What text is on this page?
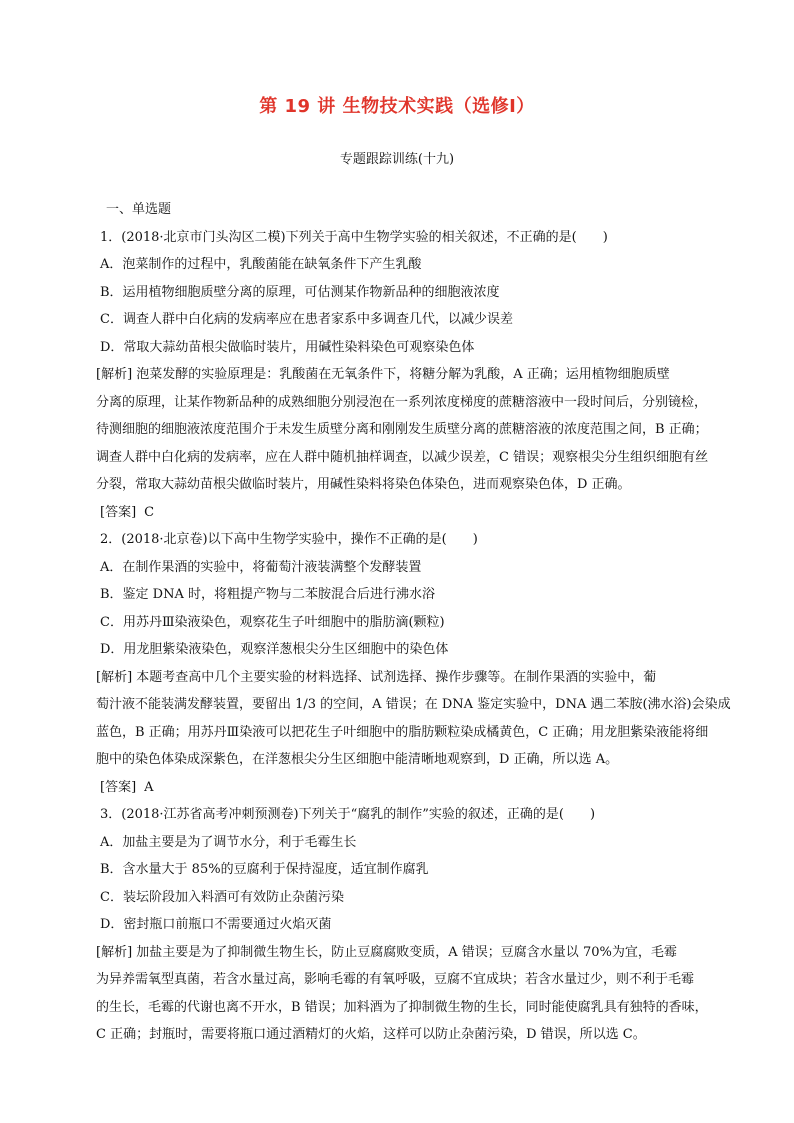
第 19 讲 生物技术实践（选修Ⅰ）
专题跟踪训练(十九)
一、单选题
1．(2018·北京市门头沟区二模)下列关于高中生物学实验的相关叙述，不正确的是(　　)
A．泡菜制作的过程中，乳酸菌能在缺氧条件下产生乳酸
B．运用植物细胞质壁分离的原理，可估测某作物新品种的细胞液浓度
C．调查人群中白化病的发病率应在患者家系中多调查几代，以减少误差
D．常取大蒜幼苗根尖做临时装片，用碱性染料染色可观察染色体
[解析] 泡菜发酵的实验原理是：乳酸菌在无氧条件下，将糖分解为乳酸，A 正确；运用植物细胞质壁
分离的原理，让某作物新品种的成熟细胞分别浸泡在一系列浓度梯度的蔗糖溶液中一段时间后，分别镜检，
待测细胞的细胞液浓度范围介于未发生质壁分离和刚刚发生质壁分离的蔗糖溶液的浓度范围之间，B 正确；
调查人群中白化病的发病率，应在人群中随机抽样调查，以减少误差，C 错误；观察根尖分生组织细胞有丝
分裂，常取大蒜幼苗根尖做临时装片，用碱性染料将染色体染色，进而观察染色体，D 正确。
[答案] C
2．(2018·北京卷)以下高中生物学实验中，操作不正确的是(　　)
A．在制作果酒的实验中，将葡萄汁液装满整个发酵装置
B．鉴定 DNA 时，将粗提产物与二苯胺混合后进行沸水浴
C．用苏丹Ⅲ染液染色，观察花生子叶细胞中的脂肪滴(颗粒)
D．用龙胆紫染液染色，观察洋葱根尖分生区细胞中的染色体
[解析] 本题考查高中几个主要实验的材料选择、试剂选择、操作步骤等。在制作果酒的实验中，葡
萄汁液不能装满发酵装置，要留出 1/3 的空间，A 错误；在 DNA 鉴定实验中，DNA 遇二苯胺(沸水浴)会染成
蓝色，B 正确；用苏丹Ⅲ染液可以把花生子叶细胞中的脂肪颗粒染成橘黄色，C 正确；用龙胆紫染液能将细
胞中的染色体染成深紫色，在洋葱根尖分生区细胞中能清晰地观察到，D 正确，所以选 A。
[答案] A
3．(2018·江苏省高考冲刺预测卷)下列关于“腐乳的制作”实验的叙述，正确的是(　　)
A．加盐主要是为了调节水分，利于毛霉生长
B．含水量大于 85%的豆腐利于保持湿度，适宜制作腐乳
C．装坛阶段加入料酒可有效防止杂菌污染
D．密封瓶口前瓶口不需要通过火焰灭菌
[解析] 加盐主要是为了抑制微生物生长，防止豆腐腐败变质，A 错误；豆腐含水量以 70%为宜，毛霉
为异养需氧型真菌，若含水量过高，影响毛霉的有氧呼吸，豆腐不宜成块；若含水量过少，则不利于毛霉
的生长，毛霉的代谢也离不开水，B 错误；加料酒为了抑制微生物的生长，同时能使腐乳具有独特的香味，
C 正确；封瓶时，需要将瓶口通过酒精灯的火焰，这样可以防止杂菌污染，D 错误，所以选 C。
